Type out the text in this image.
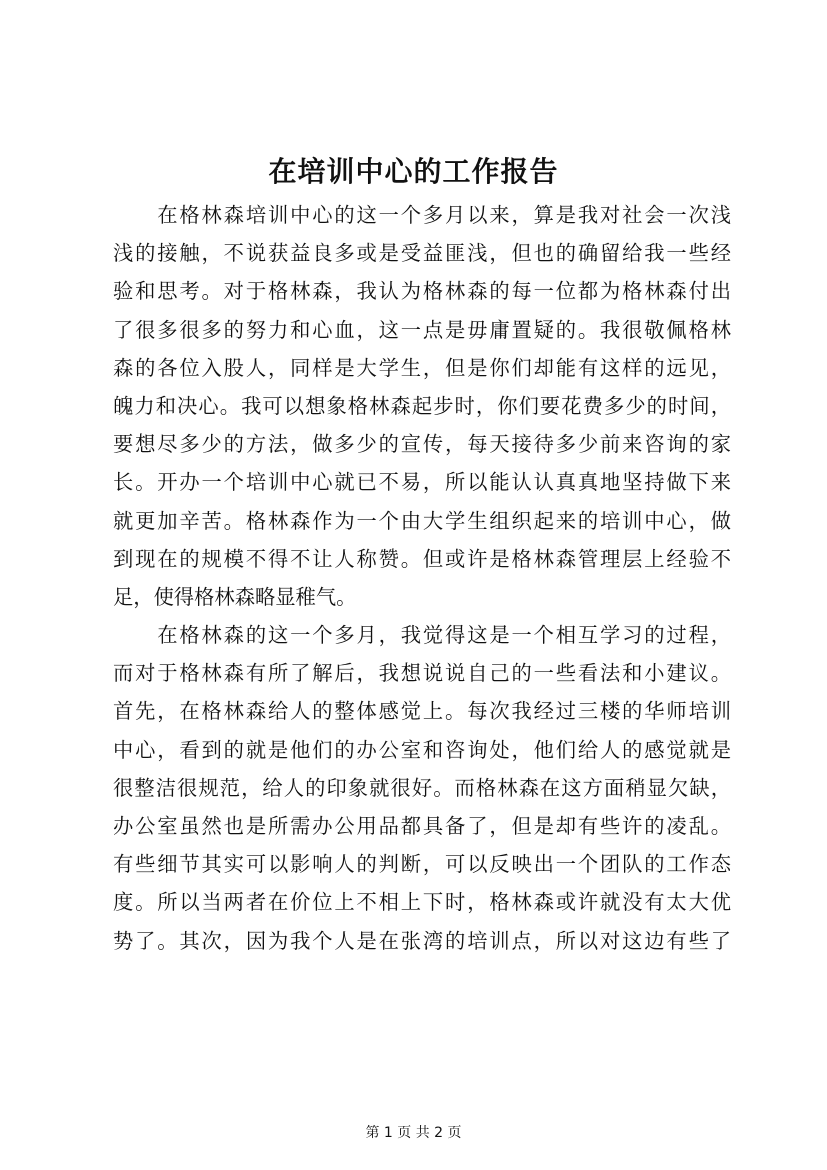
在培训中心的工作报告
　　在格林森培训中心的这一个多月以来，算是我对社会一次浅
浅的接触，不说获益良多或是受益匪浅，但也的确留给我一些经
验和思考。对于格林森，我认为格林森的每一位都为格林森付出
了很多很多的努力和心血，这一点是毋庸置疑的。我很敬佩格林
森的各位入股人，同样是大学生，但是你们却能有这样的远见，
魄力和决心。我可以想象格林森起步时，你们要花费多少的时间，
要想尽多少的方法，做多少的宣传，每天接待多少前来咨询的家
长。开办一个培训中心就已不易，所以能认认真真地坚持做下来
就更加辛苦。格林森作为一个由大学生组织起来的培训中心，做
到现在的规模不得不让人称赞。但或许是格林森管理层上经验不
足，使得格林森略显稚气。
　　在格林森的这一个多月，我觉得这是一个相互学习的过程，
而对于格林森有所了解后，我想说说自己的一些看法和小建议。
首先，在格林森给人的整体感觉上。每次我经过三楼的华师培训
中心，看到的就是他们的办公室和咨询处，他们给人的感觉就是
很整洁很规范，给人的印象就很好。而格林森在这方面稍显欠缺，
办公室虽然也是所需办公用品都具备了，但是却有些许的凌乱。
有些细节其实可以影响人的判断，可以反映出一个团队的工作态
度。所以当两者在价位上不相上下时，格林森或许就没有太大优
势了。其次，因为我个人是在张湾的培训点，所以对这边有些了
第 1 页 共 2 页
